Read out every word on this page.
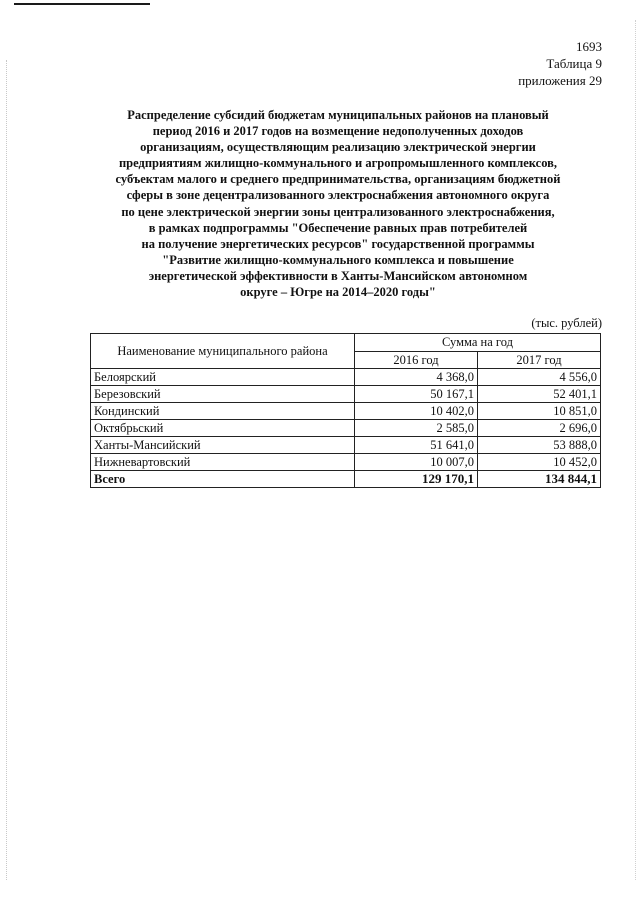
1693
Таблица 9
приложения 29
Распределение субсидий бюджетам муниципальных районов на плановый
период 2016 и 2017 годов на возмещение недополученных доходов
организациям, осуществляющим реализацию электрической энергии
предприятиям жилищно-коммунального и агропромышленного комплексов,
субъектам малого и среднего предпринимательства, организациям бюджетной
сферы в зоне децентрализованного электроснабжения автономного округа
по цене электрической энергии зоны централизованного электроснабжения,
в рамках подпрограммы "Обеспечение равных прав потребителей
на получение энергетических ресурсов" государственной программы
"Развитие жилищно-коммунального комплекса и повышение
энергетической эффективности в Ханты-Мансийском автономном
округе – Югре на 2014–2020 годы"
(тыс. рублей)
Наименование муниципального района	Сумма на год	
	2016 год	2017 год
Белоярский	4 368,0	4 556,0
Березовский	50 167,1	52 401,1
Кондинский	10 402,0	10 851,0
Октябрьский	2 585,0	2 696,0
Ханты-Мансийский	51 641,0	53 888,0
Нижневартовский	10 007,0	10 452,0
Всего	129 170,1	134 844,1
